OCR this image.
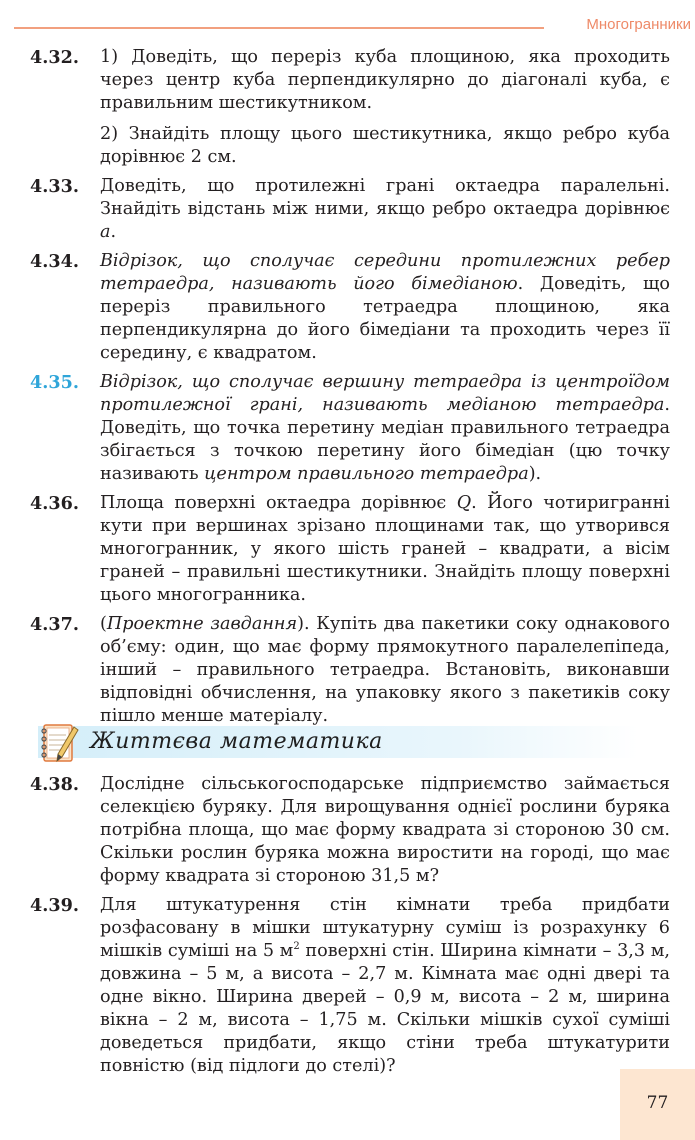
Многогранники
4.32. 1) Доведіть, що переріз куба площиною, яка проходить через центр куба перпендикулярно до діагоналі куба, є правильним шестикутником.
2) Знайдіть площу цього шестикутника, якщо ребро куба дорівнює 2 см.
4.33. Доведіть, що протилежні грані октаедра паралельні. Знайдіть відстань між ними, якщо ребро октаедра дорівнює a.
4.34. Відрізок, що сполучає середини протилежних ребер тетраедра, називають його бімедіаною. Доведіть, що переріз правильного тетраедра площиною, яка перпендикулярна до його бімедіани та проходить через її середину, є квадратом.
4.35. Відрізок, що сполучає вершину тетраедра із центроїдом протилежної грані, називають медіаною тетраедра. Доведіть, що точка перетину медіан правильного тетраедра збігається з точкою перетину його бімедіан (цю точку називають центром правильного тетраедра).
4.36. Площа поверхні октаедра дорівнює Q. Його чотиригранні кути при вершинах зрізано площинами так, що утворився многогранник, у якого шість граней – квадрати, а вісім граней – правильні шестикутники. Знайдіть площу поверхні цього многогранника.
4.37. (Проектне завдання). Купіть два пакетики соку однакового об’єму: один, що має форму прямокутного паралелепіпеда, інший – правильного тетраедра. Встановіть, виконавши відповідні обчислення, на упаковку якого з пакетиків соку пішло менше матеріалу.
Життєва математика
4.38. Дослідне сільськогосподарське підприємство займається селекцією буряку. Для вирощування однієї рослини буряка потрібна площа, що має форму квадрата зі стороною 30 см. Скільки рослин буряка можна виростити на городі, що має форму квадрата зі стороною 31,5 м?
4.39. Для штукатурення стін кімнати треба придбати розфасовану в мішки штукатурну суміш із розрахунку 6 мішків суміші на 5 $м^2$ поверхні стін. Ширина кімнати – 3,3 м, довжина – 5 м, а висота – 2,7 м. Кімната має одні двері та одне вікно. Ширина дверей – 0,9 м, висота – 2 м, ширина вікна – 2 м, висота – 1,75 м. Скільки мішків сухої суміші доведеться придбати, якщо стіни треба штукатурити повністю (від підлоги до стелі)?
77
